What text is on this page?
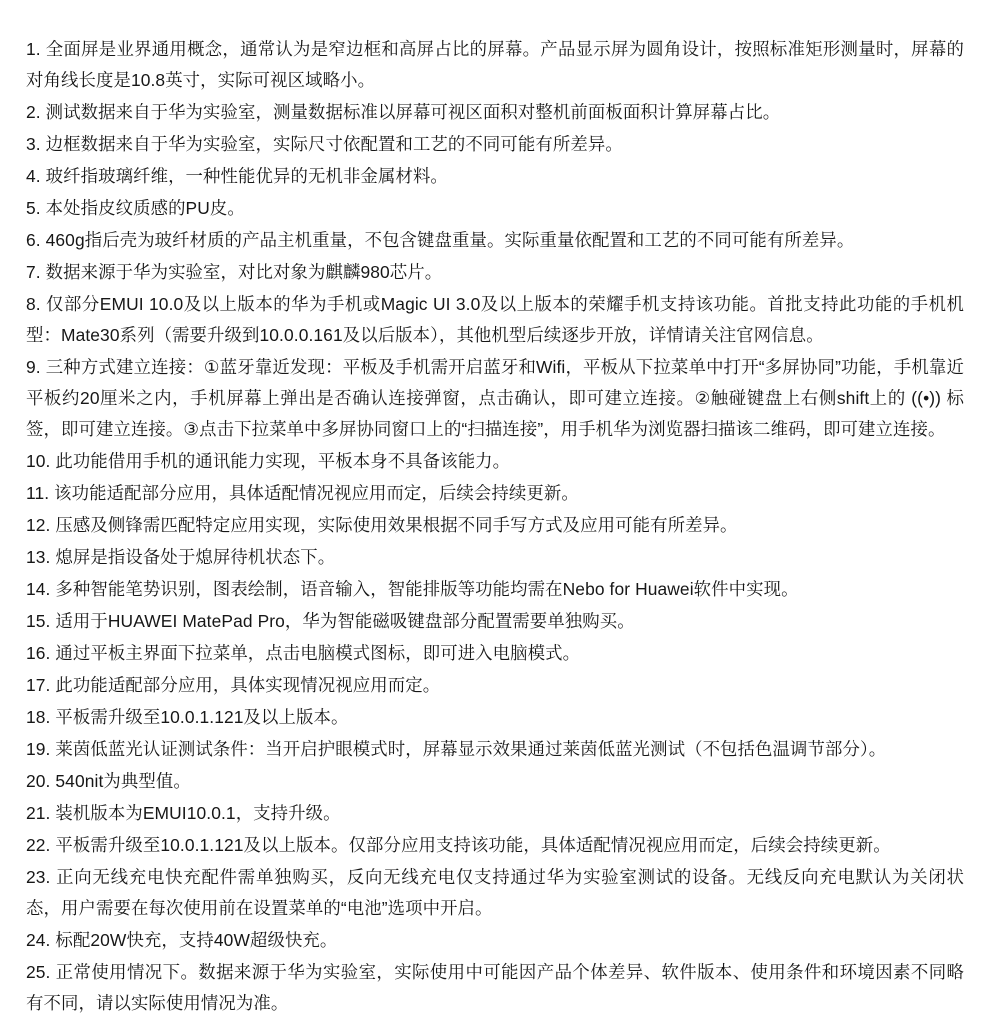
1. 全面屏是业界通用概念，通常认为是窄边框和高屏占比的屏幕。产品显示屏为圆角设计，按照标准矩形测量时，屏幕的对角线长度是10.8英寸，实际可视区域略小。

2. 测试数据来自于华为实验室，测量数据标准以屏幕可视区面积对整机前面板面积计算屏幕占比。

3. 边框数据来自于华为实验室，实际尺寸依配置和工艺的不同可能有所差异。

4. 玻纤指玻璃纤维，一种性能优异的无机非金属材料。

5. 本处指皮纹质感的PU皮。

6. 460g指后壳为玻纤材质的产品主机重量，不包含键盘重量。实际重量依配置和工艺的不同可能有所差异。

7. 数据来源于华为实验室，对比对象为麒麟980芯片。

8. 仅部分EMUI 10.0及以上版本的华为手机或Magic UI 3.0及以上版本的荣耀手机支持该功能。首批支持此功能的手机机型：Mate30系列（需要升级到10.0.0.161及以后版本），其他机型后续逐步开放，详情请关注官网信息。

9. 三种方式建立连接：①蓝牙靠近发现：平板及手机需开启蓝牙和Wifi，平板从下拉菜单中打开“多屏协同”功能，手机靠近平板约20厘米之内，手机屏幕上弹出是否确认连接弹窗，点击确认，即可建立连接。②触碰键盘上右侧shift上的 ((•)) 标签，即可建立连接。③点击下拉菜单中多屏协同窗口上的“扫描连接”，用手机华为浏览器扫描该二维码，即可建立连接。

10. 此功能借用手机的通讯能力实现，平板本身不具备该能力。

11. 该功能适配部分应用，具体适配情况视应用而定，后续会持续更新。

12. 压感及侧锋需匹配特定应用实现，实际使用效果根据不同手写方式及应用可能有所差异。

13. 熄屏是指设备处于熄屏待机状态下。

14. 多种智能笔势识别，图表绘制，语音输入，智能排版等功能均需在Nebo for Huawei软件中实现。

15. 适用于HUAWEI MatePad Pro，华为智能磁吸键盘部分配置需要单独购买。

16. 通过平板主界面下拉菜单，点击电脑模式图标，即可进入电脑模式。

17. 此功能适配部分应用，具体实现情况视应用而定。

18. 平板需升级至10.0.1.121及以上版本。

19. 莱茵低蓝光认证测试条件：当开启护眼模式时，屏幕显示效果通过莱茵低蓝光测试（不包括色温调节部分）。

20. 540nit为典型值。

21. 装机版本为EMUI10.0.1，支持升级。

22. 平板需升级至10.0.1.121及以上版本。仅部分应用支持该功能，具体适配情况视应用而定，后续会持续更新。

23. 正向无线充电快充配件需单独购买，反向无线充电仅支持通过华为实验室测试的设备。无线反向充电默认为关闭状态，用户需要在每次使用前在设置菜单的“电池”选项中开启。

24. 标配20W快充，支持40W超级快充。

25. 正常使用情况下。数据来源于华为实验室，实际使用中可能因产品个体差异、软件版本、使用条件和环境因素不同略有不同，请以实际使用情况为准。
